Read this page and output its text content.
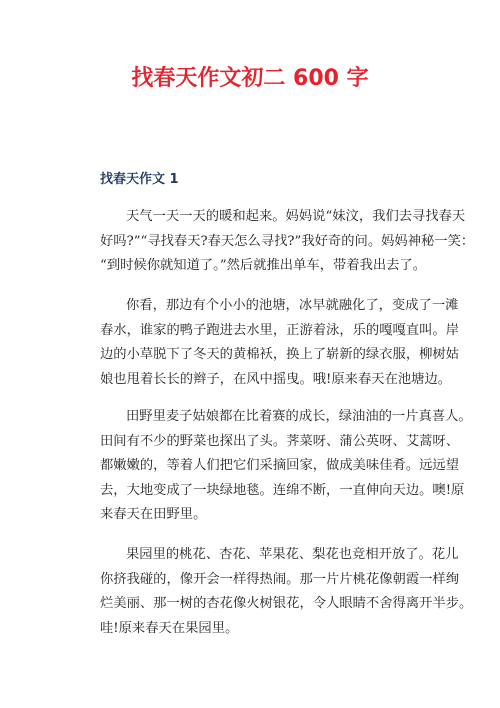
找春天作文初二 600 字
找春天作文 1

天气一天一天的暖和起来。妈妈说“妹汶，我们去寻找春天
好吗?”“寻找春天?春天怎么寻找?”我好奇的问。妈妈神秘一笑：
“到时候你就知道了。”然后就推出单车，带着我出去了。

你看，那边有个小小的池塘，冰早就融化了，变成了一滩
春水，谁家的鸭子跑进去水里，正游着泳，乐的嘎嘎直叫。岸
边的小草脱下了冬天的黄棉袄，换上了崭新的绿衣服，柳树姑
娘也甩着长长的辫子，在风中摇曳。哦!原来春天在池塘边。

田野里麦子姑娘都在比着赛的成长，绿油油的一片真喜人。
田间有不少的野菜也探出了头。荠菜呀、蒲公英呀、艾蒿呀、
都嫩嫩的，等着人们把它们采摘回家，做成美味佳肴。远远望
去，大地变成了一块绿地毯。连绵不断，一直伸向天边。噢!原
来春天在田野里。

果园里的桃花、杏花、苹果花、梨花也竞相开放了。花儿
你挤我碰的，像开会一样得热闹。那一片片桃花像朝霞一样绚
烂美丽、那一树的杏花像火树银花，令人眼睛不舍得离开半步。
哇!原来春天在果园里。
